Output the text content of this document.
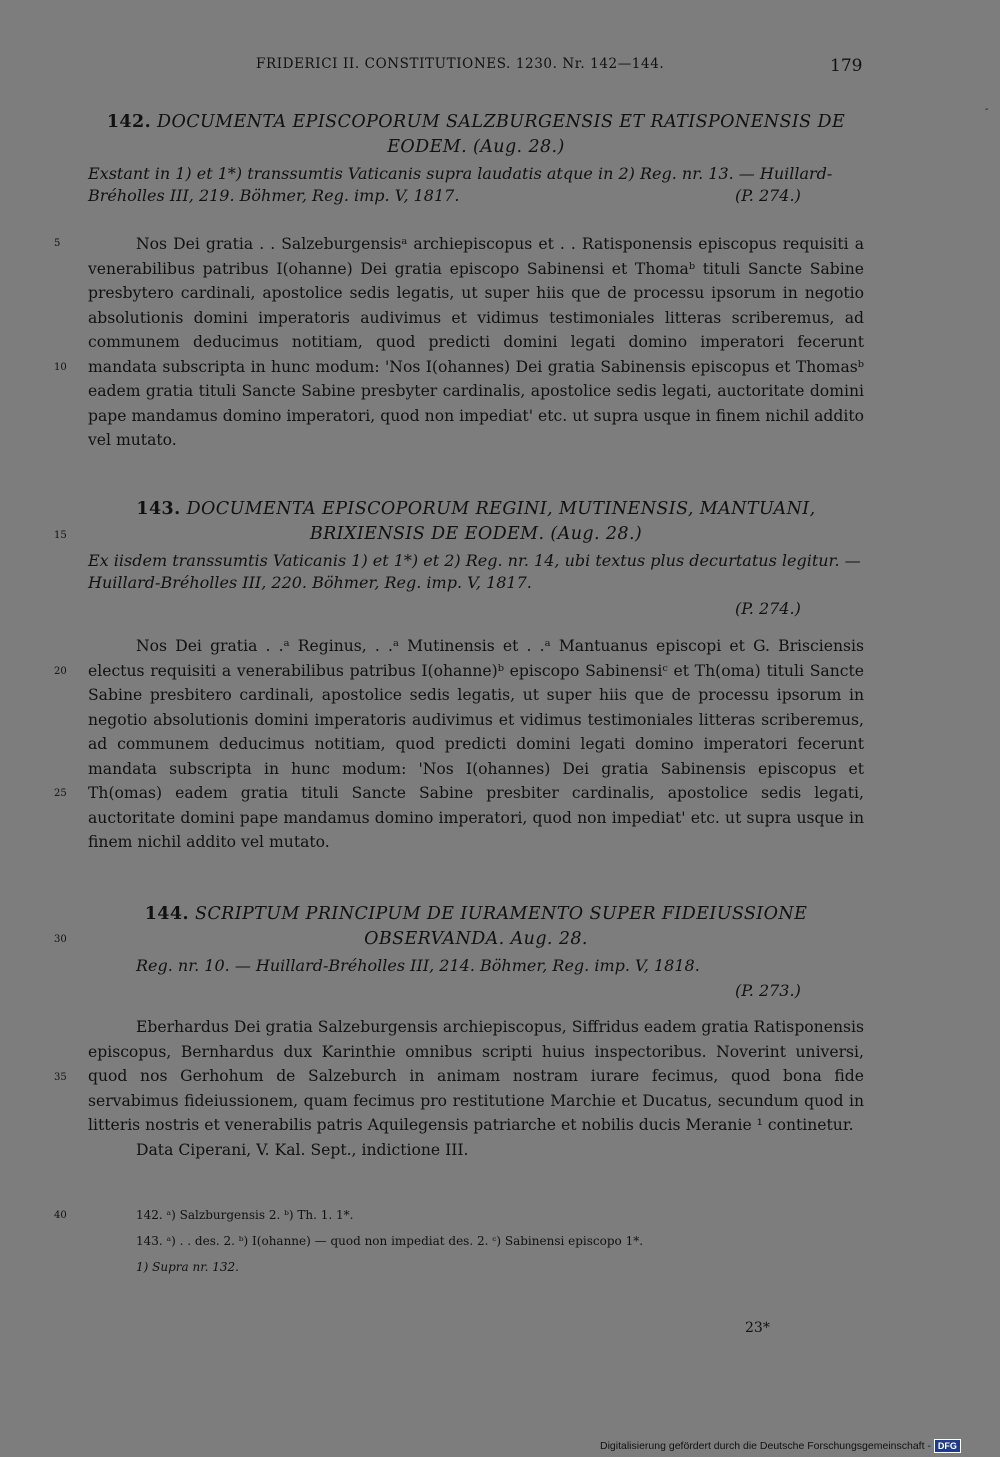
FRIDERICI II. CONSTITUTIONES. 1230. Nr. 142—144.	179
-
5
10
15
20
25
30
35
40
142. DOCUMENTA EPISCOPORUM SALZBURGENSIS ET RATISPONENSIS DE EODEM. (Aug. 28.)
Exstant in 1) et 1*) transsumtis Vaticanis supra laudatis atque in 2) Reg. nr. 13. — Huillard-Bréholles III, 219. Böhmer, Reg. imp. V, 1817.	(P. 274.)

Nos Dei gratia . . Salzeburgensisᵃ archiepiscopus et . . Ratisponensis episcopus requisiti a venerabilibus patribus I(ohanne) Dei gratia episcopo Sabinensi et Thomaᵇ tituli Sancte Sabine presbytero cardinali, apostolice sedis legatis, ut super hiis que de processu ipsorum in negotio absolutionis domini imperatoris audivimus et vidimus testimoniales litteras scriberemus, ad communem deducimus notitiam, quod predicti domini legati domino imperatori fecerunt mandata subscripta in hunc modum: 'Nos I(ohannes) Dei gratia Sabinensis episcopus et Thomasᵇ eadem gratia tituli Sancte Sabine presbyter cardinalis, apostolice sedis legati, auctoritate domini pape mandamus domino imperatori, quod non impediat' etc. ut supra usque in finem nichil addito vel mutato.

143. DOCUMENTA EPISCOPORUM REGINI, MUTINENSIS, MANTUANI, BRIXIENSIS DE EODEM. (Aug. 28.)
Ex iisdem transsumtis Vaticanis 1) et 1*) et 2) Reg. nr. 14, ubi textus plus decurtatus legitur. — Huillard-Bréholles III, 220. Böhmer, Reg. imp. V, 1817.
(P. 274.)

Nos Dei gratia . .ᵃ Reginus, . .ᵃ Mutinensis et . .ᵃ Mantuanus episcopi et G. Brisciensis electus requisiti a venerabilibus patribus I(ohanne)ᵇ episcopo Sabinensiᶜ et Th(oma) tituli Sancte Sabine presbitero cardinali, apostolice sedis legatis, ut super hiis que de processu ipsorum in negotio absolutionis domini imperatoris audivimus et vidimus testimoniales litteras scriberemus, ad communem deducimus notitiam, quod predicti domini legati domino imperatori fecerunt mandata subscripta in hunc modum: 'Nos I(ohannes) Dei gratia Sabinensis episcopus et Th(omas) eadem gratia tituli Sancte Sabine presbiter cardinalis, apostolice sedis legati, auctoritate domini pape mandamus domino imperatori, quod non impediat' etc. ut supra usque in finem nichil addito vel mutato.

144. SCRIPTUM PRINCIPUM DE IURAMENTO SUPER FIDEIUSSIONE OBSERVANDA. Aug. 28.
Reg. nr. 10. — Huillard-Bréholles III, 214. Böhmer, Reg. imp. V, 1818.
(P. 273.)

Eberhardus Dei gratia Salzeburgensis archiepiscopus, Siffridus eadem gratia Ratisponensis episcopus, Bernhardus dux Karinthie omnibus scripti huius inspectoribus. Noverint universi, quod nos Gerhohum de Salzeburch in animam nostram iurare fecimus, quod bona fide servabimus fideiussionem, quam fecimus pro restitutione Marchie et Ducatus, secundum quod in litteris nostris et venerabilis patris Aquilegensis patriarche et nobilis ducis Meranie ¹ continetur.

Data Ciperani, V. Kal. Sept., indictione III.

142. ᵃ) Salzburgensis 2. ᵇ) Th. 1. 1*.
143. ᵃ) . . des. 2. ᵇ) I(ohanne) — quod non impediat des. 2. ᶜ) Sabinensi episcopo 1*.
1) Supra nr. 132.
23*
Digitalisierung gefördert durch die Deutsche Forschungsgemeinschaft - DFG
